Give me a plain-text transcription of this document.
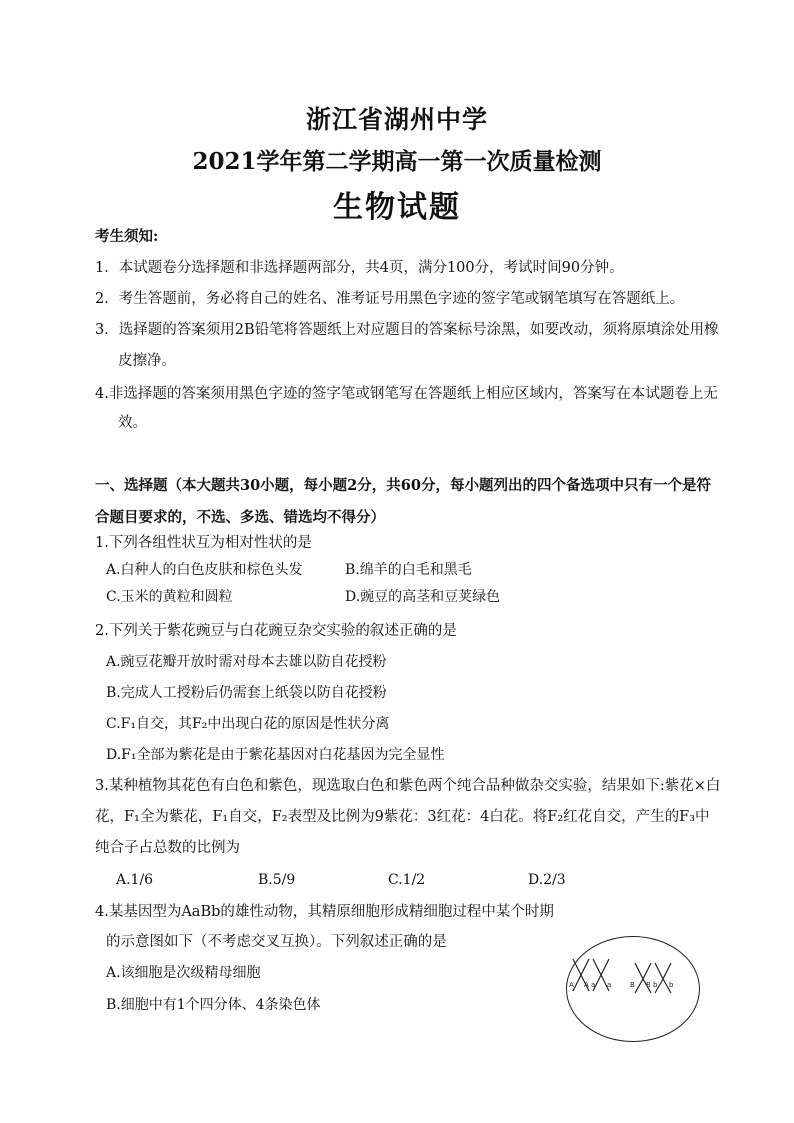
浙江省湖州中学
2021学年第二学期高一第一次质量检测
生物试题
考生须知:
1．本试题卷分选择题和非选择题两部分，共4页，满分100分，考试时间90分钟。
2．考生答题前，务必将自己的姓名、准考证号用黑色字迹的签字笔或钢笔填写在答题纸上。
3．选择题的答案须用2B铅笔将答题纸上对应题目的答案标号涂黑，如要改动，须将原填涂处用橡
皮擦净。
4.非选择题的答案须用黑色字迹的签字笔或钢笔写在答题纸上相应区域内，答案写在本试题卷上无
效。
一、选择题（本大题共30小题，每小题2分，共60分，每小题列出的四个备选项中只有一个是符
合题目要求的，不选、多选、错选均不得分）
1.下列各组性状互为相对性状的是
A.白种人的白色皮肤和棕色头发	B.绵羊的白毛和黑毛
C.玉米的黄粒和圆粒	D.豌豆的高茎和豆荚绿色
2.下列关于紫花豌豆与白花豌豆杂交实验的叙述正确的是
A.豌豆花瓣开放时需对母本去雄以防自花授粉
B.完成人工授粉后仍需套上纸袋以防自花授粉
C.F₁自交，其F₂中出现白花的原因是性状分离
D.F₁全部为紫花是由于紫花基因对白花基因为完全显性
3.某种植物其花色有白色和紫色，现选取白色和紫色两个纯合品种做杂交实验，结果如下:紫花×白
花，F₁全为紫花，F₁自交，F₂表型及比例为9紫花：3红花：4白花。将F₂红花自交，产生的F₃中
纯合子占总数的比例为
A.1/6	B.5/9	C.1/2	D.2/3
4.某基因型为AaBb的雄性动物，其精原细胞形成精细胞过程中某个时期
的示意图如下（不考虑交叉互换）。下列叙述正确的是
A.该细胞是次级精母细胞
B.细胞中有1个四分体、4条染色体
A A a a	B B b b
